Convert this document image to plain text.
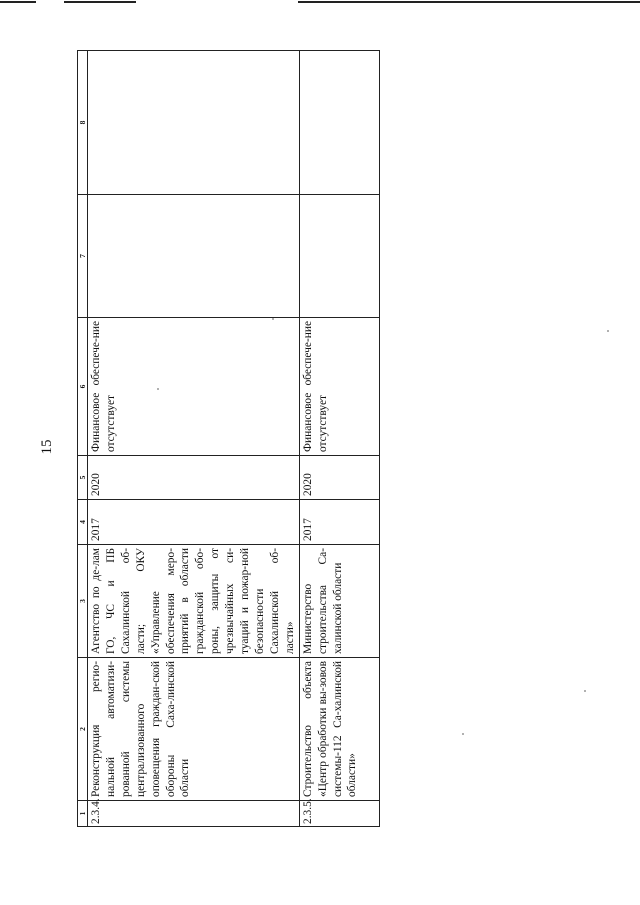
15
1	2	3	4	5	6	7	8
2.3.4.	Реконструкция регио-нальной автоматизи-рованной системы централизованного оповещения граждан-ской обороны Саха-линской области	Агентство по де-лам ГО, ЧС и ПБ Сахалинской об-ласти; ОКУ «Управление обеспечения меро-приятий в области гражданской обо-роны, защиты от чрезвычайных си-туаций и пожар-ной безопасности Сахалинской об-ласти»	2017	2020	Финансовое обеспече-ние отсутствует		
2.3.5.	Строительство объекта «Центр обработки вы-зовов системы-112 Са-халинской области»	Министерство строительства Са-халинской области	2017	2020	Финансовое обеспече-ние отсутствует		
